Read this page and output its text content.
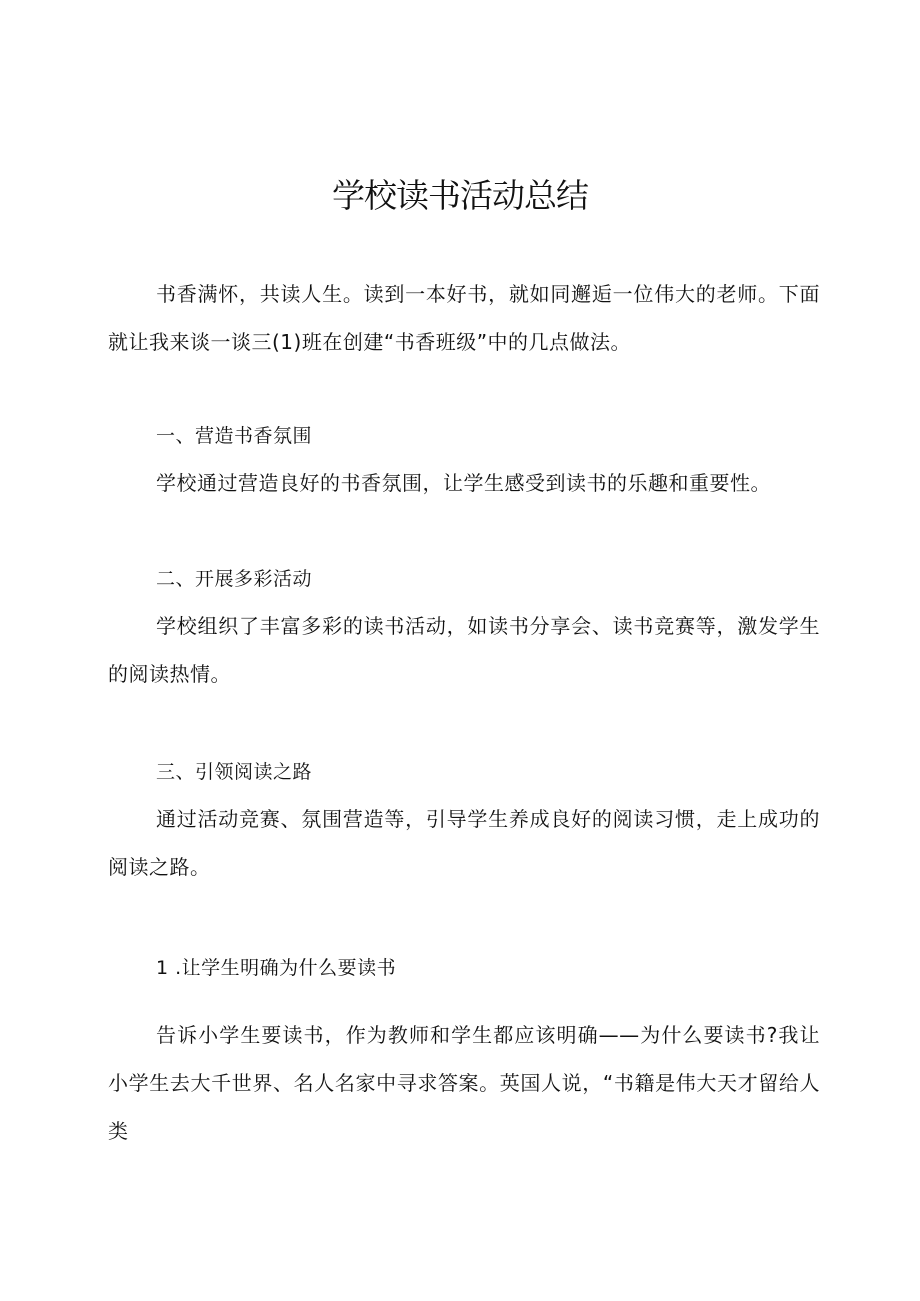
学校读书活动总结

书香满怀，共读人生。读到一本好书，就如同邂逅一位伟大的老师。下面就让我来谈一谈三(1)班在创建“书香班级”中的几点做法。

一、营造书香氛围

学校通过营造良好的书香氛围，让学生感受到读书的乐趣和重要性。

二、开展多彩活动

学校组织了丰富多彩的读书活动，如读书分享会、读书竞赛等，激发学生的阅读热情。

三、引领阅读之路

通过活动竞赛、氛围营造等，引导学生养成良好的阅读习惯，走上成功的阅读之路。

1 .让学生明确为什么要读书

告诉小学生要读书，作为教师和学生都应该明确——为什么要读书?我让小学生去大千世界、名人名家中寻求答案。英国人说，“书籍是伟大天才留给人类
